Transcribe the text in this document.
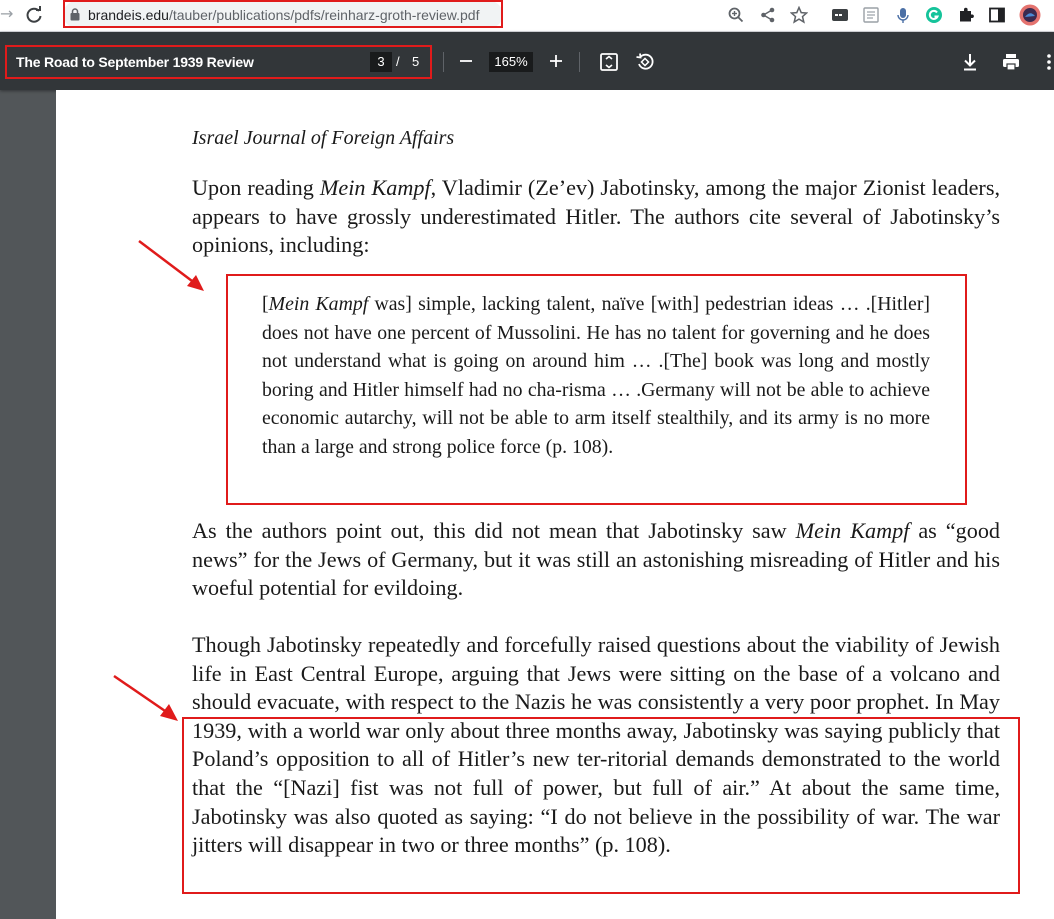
→	brandeis.edu/tauber/publications/pdfs/reinharz-groth-review.pdf
The Road to September 1939 Review	3 / 5	165%
Israel Journal of Foreign Affairs
Upon reading Mein Kampf, Vladimir (Ze’ev) Jabotinsky, among the major Zionist leaders, appears to have grossly underestimated Hitler. The authors cite several of Jabotinsky’s opinions, including:
[Mein Kampf was] simple, lacking talent, naïve [with] pedestrian ideas … .[Hitler] does not have one percent of Mussolini. He has no talent for governing and he does not understand what is going on around him … .[The] book was long and mostly boring and Hitler himself had no cha-risma … .Germany will not be able to achieve economic autarchy, will not be able to arm itself stealthily, and its army is no more than a large and strong police force (p. 108).
As the authors point out, this did not mean that Jabotinsky saw Mein Kampf as “good news” for the Jews of Germany, but it was still an astonishing misreading of Hitler and his woeful potential for evildoing.
Though Jabotinsky repeatedly and forcefully raised questions about the viability of Jewish life in East Central Europe, arguing that Jews were sitting on the base of a volcano and should evacuate, with respect to the Nazis he was consistently a very poor prophet. In May 1939, with a world war only about three months away, Jabotinsky was saying publicly that Poland’s opposition to all of Hitler’s new ter-ritorial demands demonstrated to the world that the “[Nazi] fist was not full of power, but full of air.” At about the same time, Jabotinsky was also quoted as saying: “I do not believe in the possibility of war. The war jitters will disappear in two or three months” (p. 108).
